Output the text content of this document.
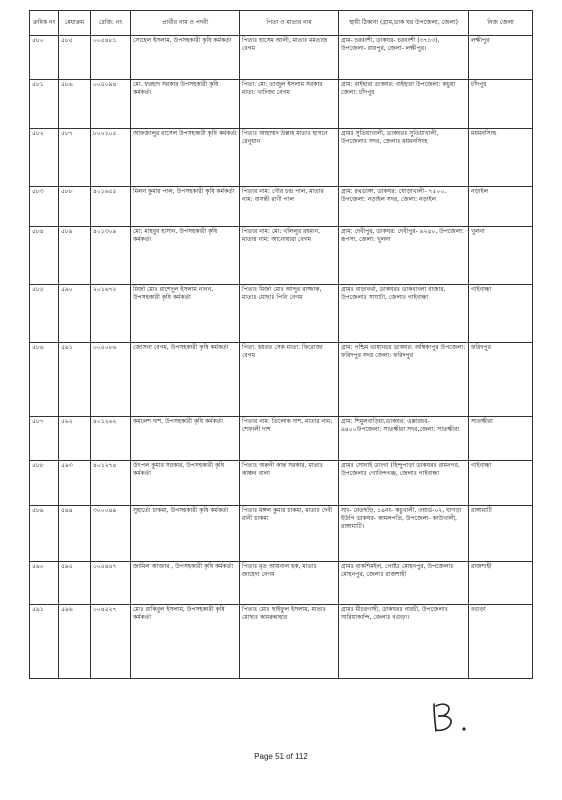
ক্রমিক নং	মেধাক্রম	রেজি: নং	প্রার্থীর নাম ও পদবী	পিতা ও মাতার নাম	স্থায়ী ঠিকানা (গ্রাম,ডাক ঘর উপজেলা, জেলা)	নিজ জেলা
৫৮০	৫৮৫	০০৫৪৮১	সোহেল ইসলাম, উপসহকারী কৃষি কর্মকর্তা	পিতাঃ হাসেম আলী, মাতাঃ মমতাজ বেগম	গ্রাম- চরবংশী, ডাকঘর- চরবংশী (৩৭১৩), উপজেলা- রায়পুর, জেলা- লক্ষীপুর।	লক্ষীপুর
৫৮১	৫৮৬	০০৫০৯৪	মো. ফরহাদ সরকার উপসহকারী কৃষি কর্মকর্তা	পিতা: মো: তাজুল ইসলাম সরকার মাতা: খাদিজা বেগম	গ্রাম: বাইহারা ডাকঘর: বাইহারা উপজেলা: কচুয়া জেলা: চাঁদপুর	চাঁদপুর
৫৮২	৫৮৭	৮০০১০৫	আফজালুর রাসেল উপসহকারী কৃষি কর্মকর্তা	পিতাঃ আহাম্মদ উল্লাহ মাতাঃ হাসনে রেনুয়ান	গ্রামঃ সুতিয়াখালী, ডাকঘরঃ সুতিয়াখালী, উপজেলাঃ সদর, জেলাঃ ময়মনসিংহ	ময়মনসিংহ
৫৮৩	৫৮৮	৪০১৬৫৫	মিলন কুমার পাল, উপসহকারী কৃষি কর্মকর্তা	পিতার নাম: গৌর চন্দ্র পাল, মাতার নাম: বাসন্তী রাণী পাল	গ্রাম: রথডাঙ্গা, ডাকঘর: ঘোড়াখালী- ৭৫০০, উপজেলা: নড়াইল সদর, জেলা: নড়াইল	নড়াইল
৫৮৪	৫৮৯	৪০১৩০৯	মো: মাহবুব হাসান, উপসহকারী কৃষি কর্মকর্তা	পিতার নাম: মো: খলিলুর রহমান, মাতার নাম: আনোয়ারা বেগম	গ্রাম: দেবীপুর, ডাকঘর: দেবীপুর- ৯২৪০, উপজেলা: রূপসা, জেলা: খুলনা	খুলনা
৫৮৫	৫৯০	২০১৬৭২	মির্জা মোঃ রাশেদুল ইসলাম নানন, উপসহকারী কৃষি কর্মকর্তা	পিতাঃ মির্জা মোঃ আব্দুর রাজ্জাক, মাতাঃ মোছাঃ পিনি বেগম	গ্রামঃ বাড়াবর্থা, ডাকঘরঃ ডাকবাংলা বাজার, উপজেলাঃ সাঘাটা, জেলাঃ গাইবান্ধা	গাইবান্ধা
৫৮৬	৫৯১	০০৫০৮৬	জোসনা বেগম, উপসহকারী কৃষি কর্মকর্তা	পিতা: হযরত সেক মাতা: ফিরোজা বেগম	গ্রাম: পশ্চিম ভাষানচর ডাকঘর: অম্বিকাপুর উপজেলা: ফরিদপুর সদর জেলা: ফরিদপুর	ফরিদপুর
৫৮৭	৫৯২	৪০১২৬২	কমলেশ দাশ, উপসহকারী কৃষি কর্মকর্তা	পিতার নাম: তিলোক দাশ, মাতার নাম: শেফালী দাশ	গ্রাম: শিমুলবাড়িয়া,ডাকঘর: এল্লারচর- ৯৪০০উপজেলা: সাতক্ষীরা সদর,জেলা: সাতক্ষীরা	সাতক্ষীরা
৫৮৮	৫৯৩	৪০১২৭৪	উৎপল কুমার সরকার, উপসহকারী কৃষি কর্মকর্তা	পিতাঃ অরুনী কান্ত সরকার, মাতাঃ কাঞ্চন বালা	গ্রামঃ সোনাই ডাংগা (হিন্দুপাড়া ডাকঘরঃ রামনগর, উপজেলাঃ গোবিন্দগঞ্জ, জেলাঃ গাইবান্ধা	গাইবান্ধা
৫৮৯	৫৯৪	৩০০০৪৯	সুহার্তো চাকমা, উপসহকারী কৃষি কর্মকর্তা	পিতাঃ মঙ্গল কুমার চাকমা, মাতাঃ দেবী রানী চাকমা	সাং- বেতছড়ি, ১৯নং- কচুখালী, ওয়ার্ড-০২, ঘাগড়া ইউপি ডাকঘর- কামলপতি, উপজেলা- কাউখালী, রাঙ্গামাটি।	রাঙ্গামাটি
৫৯০	৫৯৫	০০৫৪৪৭	জামিল আক্তার , উপসহকারী কৃষি কর্মকর্তা	পিতাঃ মৃত আয়নাল হক, মাতাঃ জাহেদা বেগম	গ্রামঃ বাকশিমইল, পোষ্টঃ মোহনপুর, উপজেলাঃ মোহনপুর, জেলাঃ রাজশাহী	রাজশাহী
৫৯১	৫৯৬	০০৪৫২৭	মোঃ রাকিবুল ইসলাম, উপসহকারী কৃষি কর্মকর্তা	পিতাঃ মোঃ ছাইফুল ইসলাম, মাতাঃ মোছাঃ কামরুন্নাহার	গ্রামঃ মীচরগাছী, ডাকঘরঃ নারচী, উপজেলাঃ সারিয়াকান্দি, জেলাঃ বগুড়া।	বগুড়া
Page 51 of 112
